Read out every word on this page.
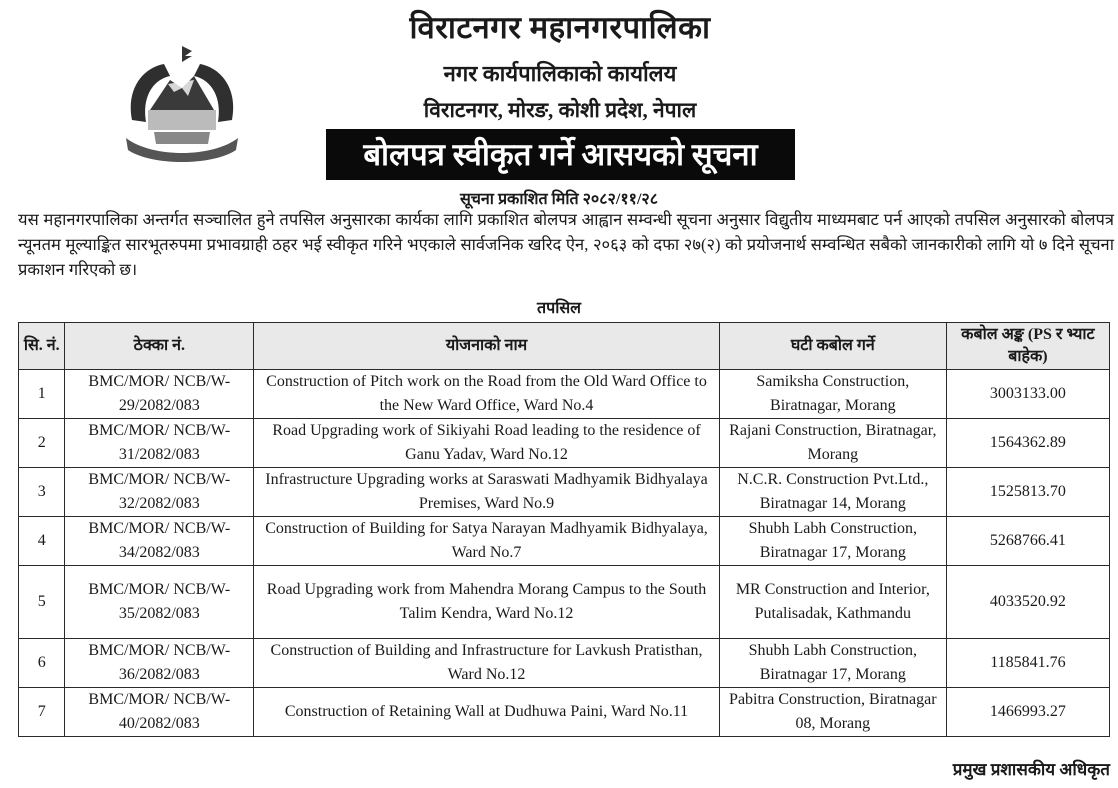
विराटनगर महानगरपालिका
नगर कार्यपालिकाको कार्यालय
विराटनगर, मोरङ, कोशी प्रदेश, नेपाल
बोलपत्र स्वीकृत गर्ने आसयको सूचना
सूचना प्रकाशित मिति २०८२/११/२८
यस महानगरपालिका अन्तर्गत सञ्चालित हुने तपसिल अनुसारका कार्यका लागि प्रकाशित बोलपत्र आह्वान सम्वन्धी सूचना अनुसार विद्युतीय माध्यमबाट पर्न आएको तपसिल अनुसारको बोलपत्र न्यूनतम मूल्याङ्कित सारभूतरुपमा प्रभावग्राही ठहर भई स्वीकृत गरिने भएकाले सार्वजनिक खरिद ऐन, २०६३ को दफा २७(२) को प्रयोजनार्थ सम्वन्धित सबैको जानकारीको लागि यो ७ दिने सूचना प्रकाशन गरिएको छ।
तपसिल
सि. नं.	ठेक्का नं.	योजनाको नाम	घटी कबोल गर्ने	कबोल अङ्क (PS र भ्याट बाहेक)
1	BMC/MOR/ NCB/W-29/2082/083	Construction of Pitch work on the Road from the Old Ward Office to the New Ward Office, Ward No.4	Samiksha Construction, Biratnagar, Morang	3003133.00
2	BMC/MOR/ NCB/W-31/2082/083	Road Upgrading work of Sikiyahi Road leading to the residence of Ganu Yadav, Ward No.12	Rajani Construction, Biratnagar, Morang	1564362.89
3	BMC/MOR/ NCB/W-32/2082/083	Infrastructure Upgrading works at Saraswati Madhyamik Bidhyalaya Premises, Ward No.9	N.C.R. Construction Pvt.Ltd., Biratnagar 14, Morang	1525813.70
4	BMC/MOR/ NCB/W-34/2082/083	Construction of Building for Satya Narayan Madhyamik Bidhyalaya, Ward No.7	Shubh Labh Construction, Biratnagar 17, Morang	5268766.41
5	BMC/MOR/ NCB/W-35/2082/083	Road Upgrading work from Mahendra Morang Campus to the South Talim Kendra, Ward No.12	MR Construction and Interior, Putalisadak, Kathmandu	4033520.92
6	BMC/MOR/ NCB/W-36/2082/083	Construction of Building and Infrastructure for Lavkush Pratisthan, Ward No.12	Shubh Labh Construction, Biratnagar 17, Morang	1185841.76
7	BMC/MOR/ NCB/W-40/2082/083	Construction of Retaining Wall at Dudhuwa Paini, Ward No.11	Pabitra Construction, Biratnagar 08, Morang	1466993.27
प्रमुख प्रशासकीय अधिकृत
